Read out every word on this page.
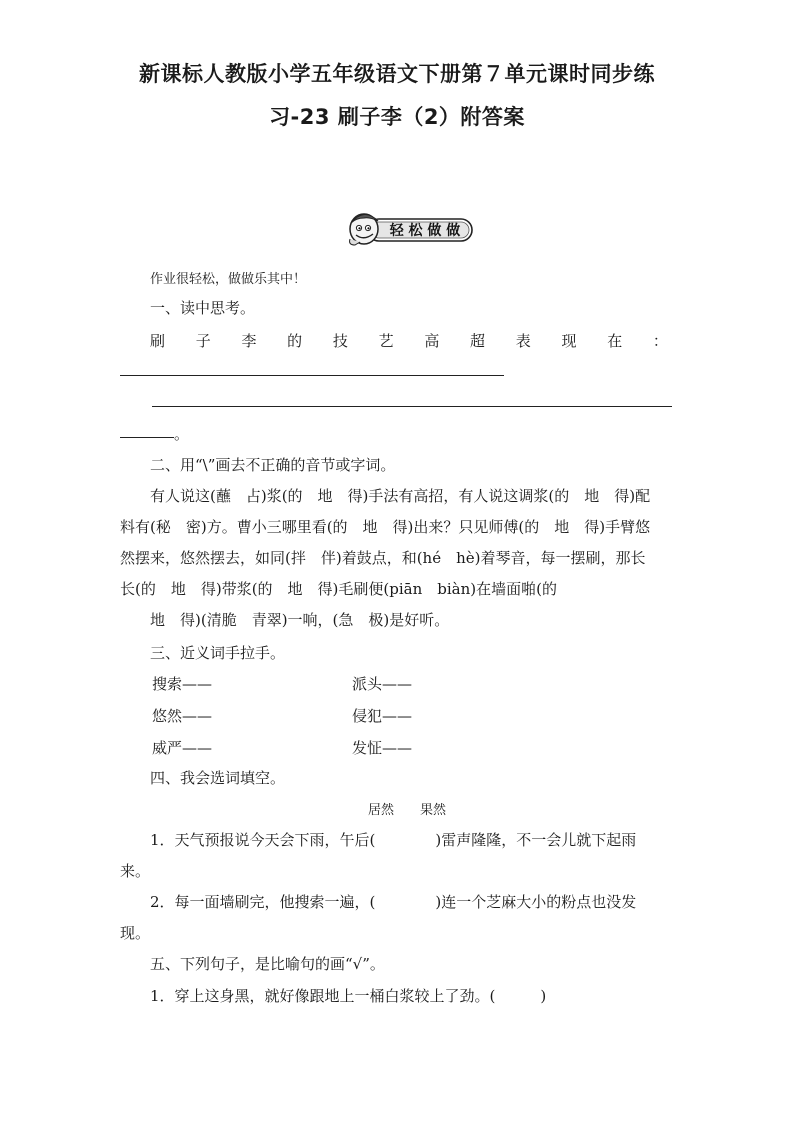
新课标人教版小学五年级语文下册第７单元课时同步练
习-23 刷子李（2）附答案
轻 松 做 做
作业很轻松，做做乐其中！
一、读中思考。
刷 子 李 的 技 艺 高 超 表 现 在 ：
。
二、用“\”画去不正确的音节或字词。
有人说这(蘸　占)浆(的　地　得)手法有高招，有人说这调浆(的　地　得)配
料有(秘　密)方。曹小三哪里看(的　地　得)出来？只见师傅(的　地　得)手臂悠
然摆来，悠然摆去，如同(拌　伴)着鼓点，和(hé　hè)着琴音，每一摆刷，那长
长(的　地　得)带浆(的　地　得)毛刷便(piān　biàn)在墙面啪(的
地　得)(清脆　青翠)一响，(急　极)是好听。
三、近义词手拉手。
搜索——
悠然——
威严——
派头——
侵犯——
发怔——
四、我会选词填空。
居然　　果然
1．天气预报说今天会下雨，午后(　　　　)雷声隆隆，不一会儿就下起雨
来。
2．每一面墙刷完，他搜索一遍，(　　　　)连一个芝麻大小的粉点也没发
现。
五、下列句子，是比喻句的画“√”。
1．穿上这身黑，就好像跟地上一桶白浆较上了劲。(　　　)
